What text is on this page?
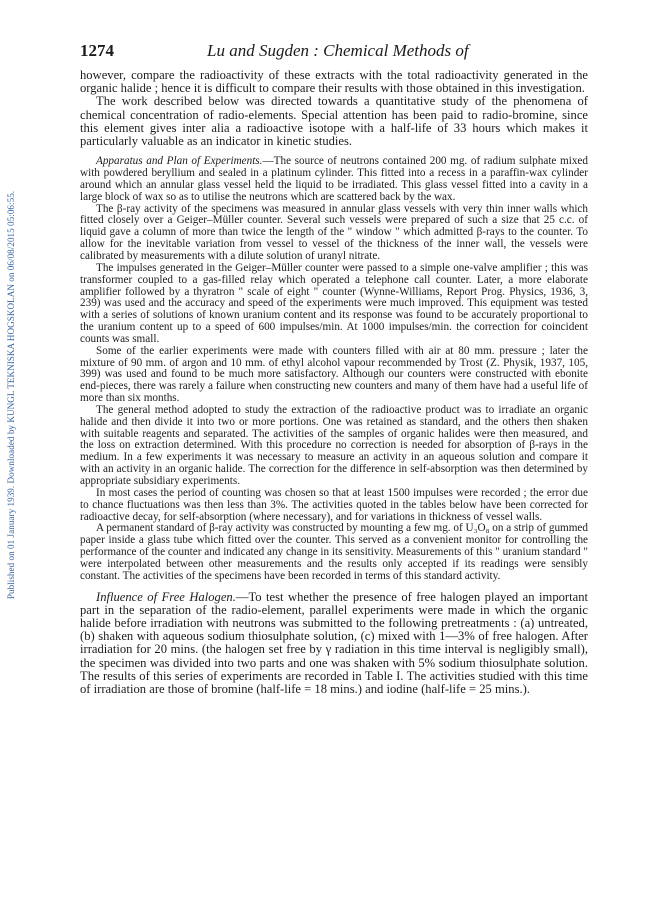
Published on 01 January 1939. Downloaded by KUNGL TEKNISKA HOGSKOLAN on 06/08/2015 05:06:55.
1274	Lu and Sugden : Chemical Methods of

however, compare the radioactivity of these extracts with the total radioactivity generated in the organic halide ; hence it is difficult to compare their results with those obtained in this investigation.

The work described below was directed towards a quantitative study of the phenomena of chemical concentration of radio-elements. Special attention has been paid to radio-bromine, since this element gives inter alia a radioactive isotope with a half-life of 33 hours which makes it particularly valuable as an indicator in kinetic studies.

Apparatus and Plan of Experiments.—The source of neutrons contained 200 mg. of radium sulphate mixed with powdered beryllium and sealed in a platinum cylinder. This fitted into a recess in a paraffin-wax cylinder around which an annular glass vessel held the liquid to be irradiated. This glass vessel fitted into a cavity in a large block of wax so as to utilise the neutrons which are scattered back by the wax.

The β-ray activity of the specimens was measured in annular glass vessels with very thin inner walls which fitted closely over a Geiger–Müller counter. Several such vessels were prepared of such a size that 25 c.c. of liquid gave a column of more than twice the length of the " window " which admitted β-rays to the counter. To allow for the inevitable variation from vessel to vessel of the thickness of the inner wall, the vessels were calibrated by measurements with a dilute solution of uranyl nitrate.

The impulses generated in the Geiger–Müller counter were passed to a simple one-valve amplifier ; this was transformer coupled to a gas-filled relay which operated a telephone call counter. Later, a more elaborate amplifier followed by a thyratron " scale of eight " counter (Wynne-Williams, Report Prog. Physics, 1936, 3, 239) was used and the accuracy and speed of the experiments were much improved. This equipment was tested with a series of solutions of known uranium content and its response was found to be accurately proportional to the uranium content up to a speed of 600 impulses/min. At 1000 impulses/min. the correction for coincident counts was small.

Some of the earlier experiments were made with counters filled with air at 80 mm. pressure ; later the mixture of 90 mm. of argon and 10 mm. of ethyl alcohol vapour recommended by Trost (Z. Physik, 1937, 105, 399) was used and found to be much more satisfactory. Although our counters were constructed with ebonite end-pieces, there was rarely a failure when constructing new counters and many of them have had a useful life of more than six months.

The general method adopted to study the extraction of the radioactive product was to irradiate an organic halide and then divide it into two or more portions. One was retained as standard, and the others then shaken with suitable reagents and separated. The activities of the samples of organic halides were then measured, and the loss on extraction determined. With this procedure no correction is needed for absorption of β-rays in the medium. In a few experiments it was necessary to measure an activity in an aqueous solution and compare it with an activity in an organic halide. The correction for the difference in self-absorption was then determined by appropriate subsidiary experiments.

In most cases the period of counting was chosen so that at least 1500 impulses were recorded ; the error due to chance fluctuations was then less than 3%. The activities quoted in the tables below have been corrected for radioactive decay, for self-absorption (where necessary), and for variations in thickness of vessel walls.

A permanent standard of β-ray activity was constructed by mounting a few mg. of U₃O₈ on a strip of gummed paper inside a glass tube which fitted over the counter. This served as a convenient monitor for controlling the performance of the counter and indicated any change in its sensitivity. Measurements of this " uranium standard " were interpolated between other measurements and the results only accepted if its readings were sensibly constant. The activities of the specimens have been recorded in terms of this standard activity.

Influence of Free Halogen.—To test whether the presence of free halogen played an important part in the separation of the radio-element, parallel experiments were made in which the organic halide before irradiation with neutrons was submitted to the following pretreatments : (a) untreated, (b) shaken with aqueous sodium thiosulphate solution, (c) mixed with 1—3% of free halogen. After irradiation for 20 mins. (the halogen set free by γ radiation in this time interval is negligibly small), the specimen was divided into two parts and one was shaken with 5% sodium thiosulphate solution. The results of this series of experiments are recorded in Table I. The activities studied with this time of irradiation are those of bromine (half-life = 18 mins.) and iodine (half-life = 25 mins.).
